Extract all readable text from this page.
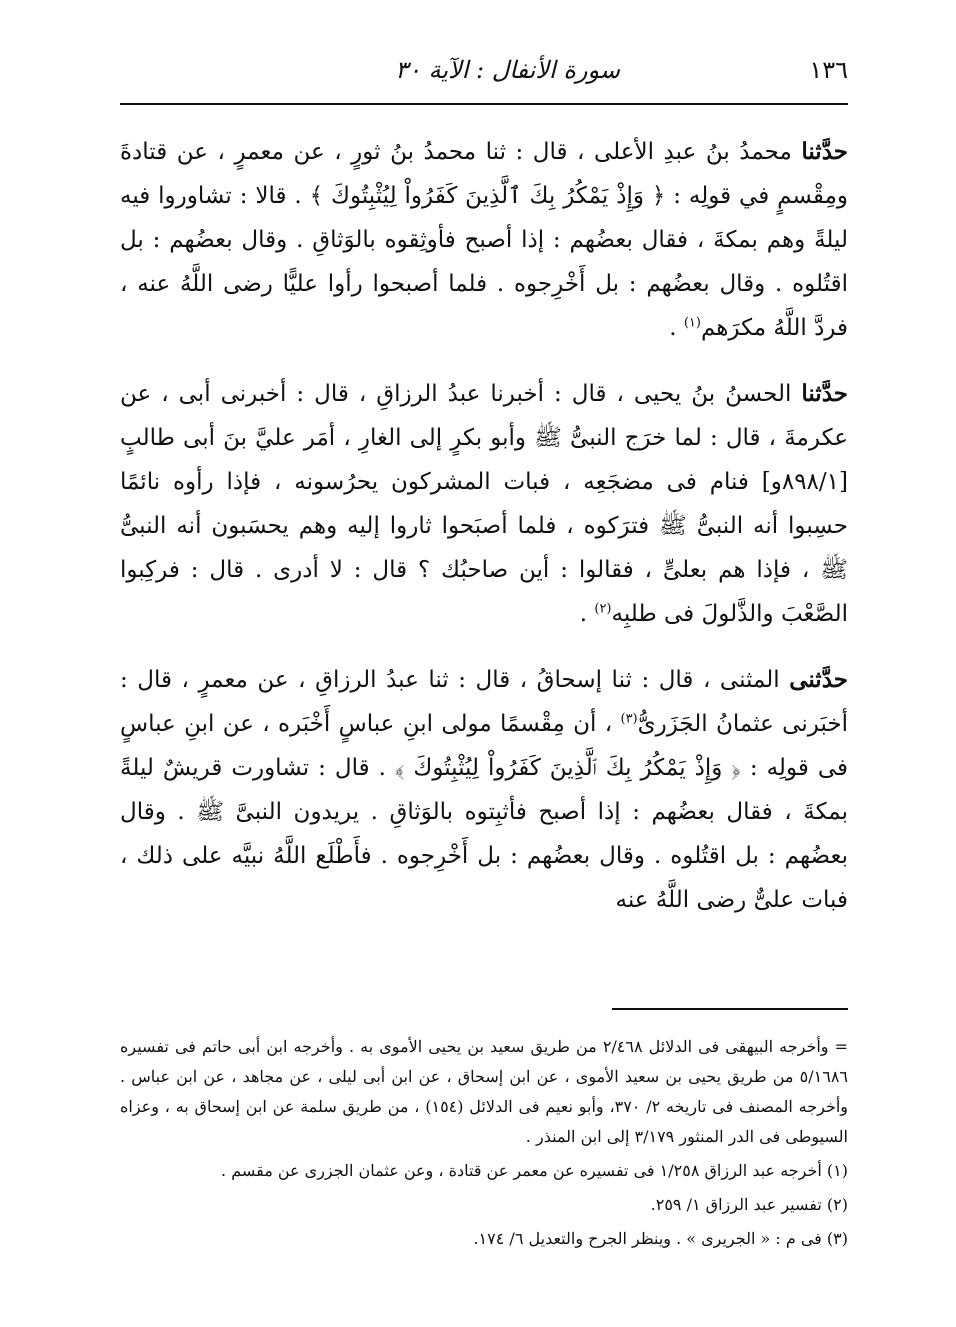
١٣٦
سورة الأنفال : الآية ٣٠

حدَّثنا محمدُ بنُ عبدِ الأعلى ، قال : ثنا محمدُ بنُ ثورٍ ، عن معمرٍ ، عن قتادةَ ومِقْسمٍ في قولِه : ﴿ وَإِذْ يَمْكُرُ بِكَ ٱلَّذِينَ كَفَرُواْ لِيُثْبِتُوكَ ﴾ . قالا : تشاوروا فيه ليلةً وهم بمكةَ ، فقال بعضُهم : إذا أصبح فأوثِقوه بالوَثاقِ . وقال بعضُهم : بل اقتُلوه . وقال بعضُهم : بل أَخْرِجوه . فلما أصبحوا رأوا عليًّا رضى اللَّهُ عنه ، فردَّ اللَّهُ مكرَهم$^{(١)}$ .

حدَّثنا الحسنُ بنُ يحيى ، قال : أخبرنا عبدُ الرزاقِ ، قال : أخبرنى أبى ، عن عكرمةَ ، قال : لما خرَج النبىُّ ﷺ وأبو بكرٍ إلى الغارِ ، أمَر عليَّ بنَ أبى طالبٍ [٨٩٨/١و] فنام فى مضجَعِه ، فبات المشركون يحرُسونه ، فإذا رأوه نائمًا حسِبوا أنه النبىُّ ﷺ فترَكوه ، فلما أصبَحوا ثاروا إليه وهم يحسَبون أنه النبىُّ ﷺ ، فإذا هم بعلىٍّ ، فقالوا : أين صاحبُك ؟ قال : لا أدرى . قال : فركِبوا الصَّعْبَ والذَّلولَ فى طلبِه$^{(٢)}$ .

حدَّثنى المثنى ، قال : ثنا إسحاقُ ، قال : ثنا عبدُ الرزاقِ ، عن معمرٍ ، قال : أخبَرنى عثمانُ الجَزَرىُّ$^{(٣)}$ ، أن مِقْسمًا مولى ابنِ عباسٍ أَخْبَره ، عن ابنِ عباسٍ فى قولِه : ﴿ وَإِذْ يَمْكُرُ بِكَ ٱلَّذِينَ كَفَرُواْ لِيُثْبِتُوكَ ﴾ . قال : تشاورت قريشٌ ليلةً بمكةَ ، فقال بعضُهم : إذا أصبح فأثبِتوه بالوَثاقِ . يريدون النبىَّ ﷺ . وقال بعضُهم : بل اقتُلوه . وقال بعضُهم : بل أَخْرِجوه . فأَطْلَع اللَّهُ نبيَّه على ذلك ، فبات علىٌّ رضى اللَّهُ عنه

= وأخرجه البيهقى فى الدلائل ٢/٤٦٨ من طريق سعيد بن يحيى الأموى به . وأخرجه ابن أبى حاتم فى تفسيره ٥/١٦٨٦ من طريق يحيى بن سعيد الأموى ، عن ابن إسحاق ، عن ابن أبى ليلى ، عن مجاهد ، عن ابن عباس . وأخرجه المصنف فى تاريخه ٢/ ٣٧٠، وأبو نعيم فى الدلائل (١٥٤) ، من طريق سلمة عن ابن إسحاق به ، وعزاه السيوطى فى الدر المنثور ٣/١٧٩ إلى ابن المنذر .

(١) أخرجه عبد الرزاق ١/٢٥٨ فى تفسيره عن معمر عن قتادة ، وعن عثمان الجزرى عن مقسم .

(٢) تفسير عبد الرزاق ١/ ٢٥٩.

(٣) فى م : « الجريرى » . وينظر الجرح والتعديل ٦/ ١٧٤.
